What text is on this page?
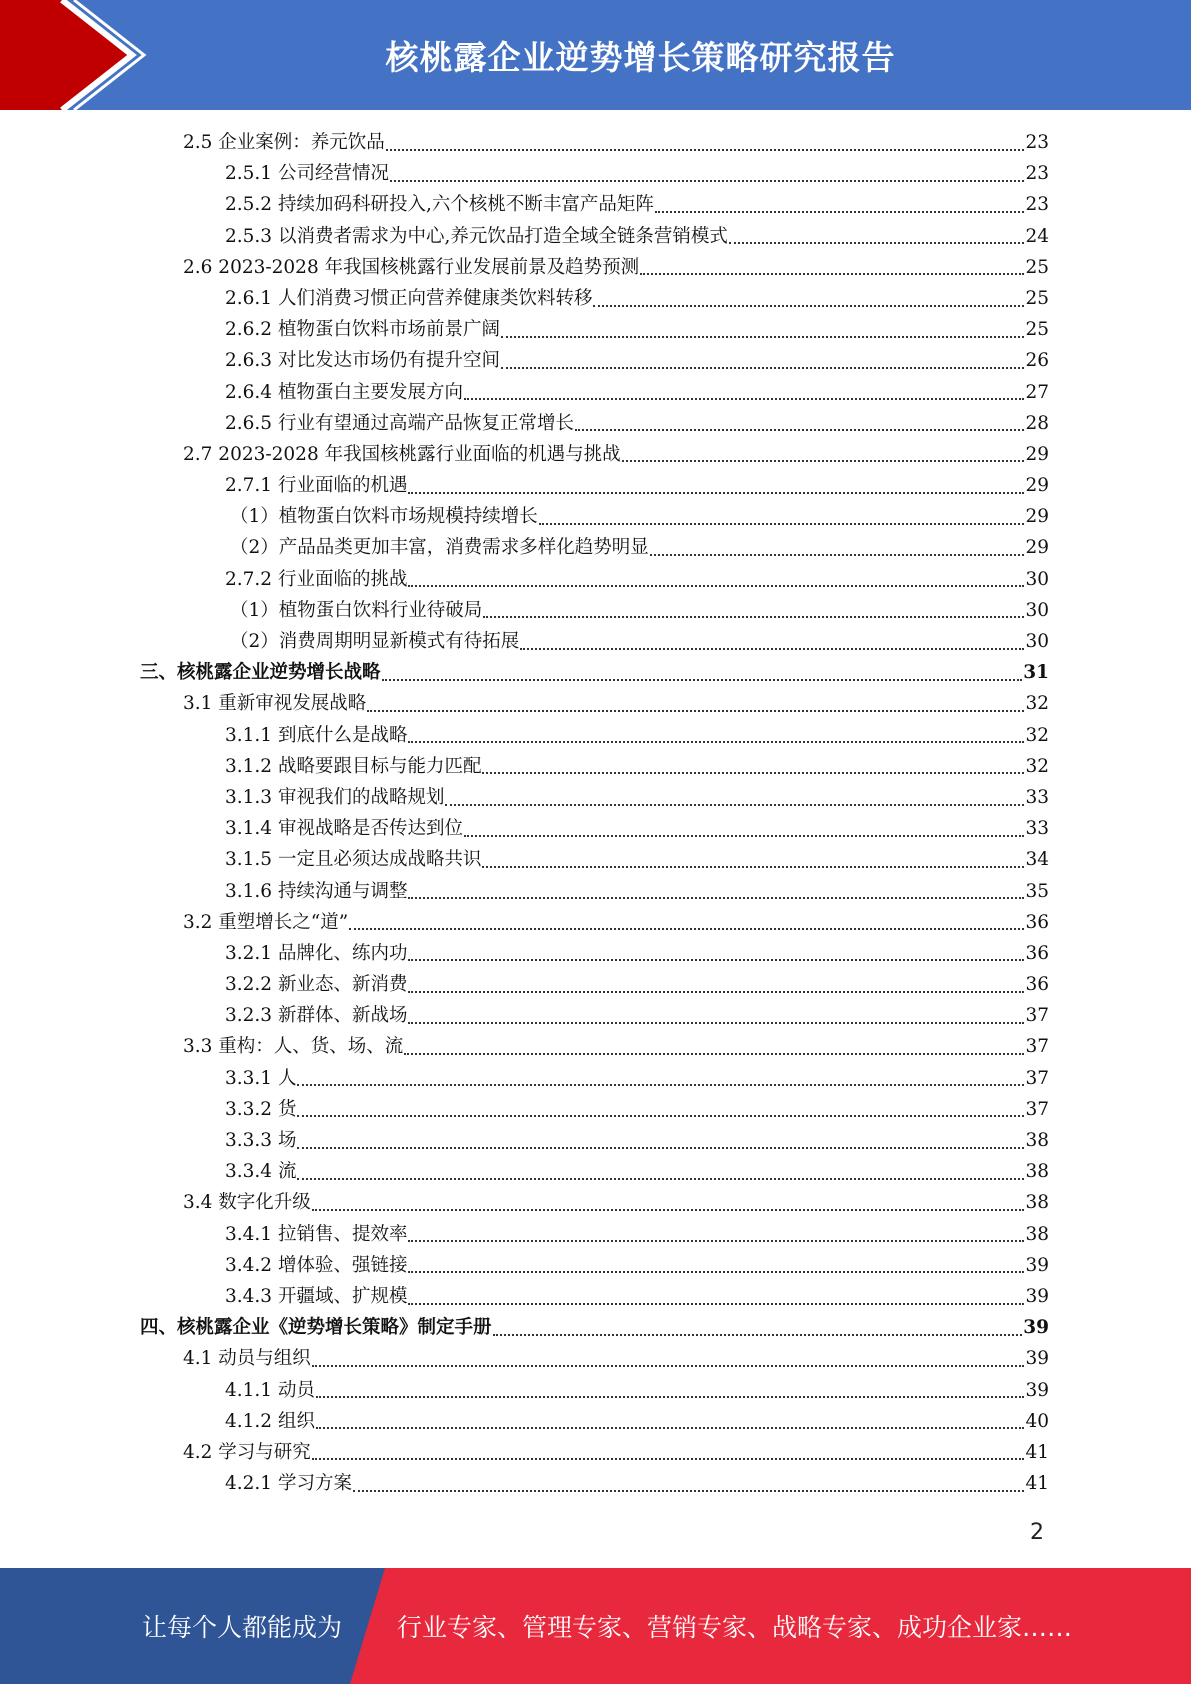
核桃露企业逆势增长策略研究报告
2.5 企业案例：养元饮品	23
2.5.1 公司经营情况	23
2.5.2 持续加码科研投入,六个核桃不断丰富产品矩阵	23
2.5.3 以消费者需求为中心,养元饮品打造全域全链条营销模式	24
2.6 2023-2028 年我国核桃露行业发展前景及趋势预测	25
2.6.1 人们消费习惯正向营养健康类饮料转移	25
2.6.2 植物蛋白饮料市场前景广阔	25
2.6.3 对比发达市场仍有提升空间	26
2.6.4 植物蛋白主要发展方向	27
2.6.5 行业有望通过高端产品恢复正常增长	28
2.7 2023-2028 年我国核桃露行业面临的机遇与挑战	29
2.7.1 行业面临的机遇	29
（1）植物蛋白饮料市场规模持续增长	29
（2）产品品类更加丰富，消费需求多样化趋势明显	29
2.7.2 行业面临的挑战	30
（1）植物蛋白饮料行业待破局	30
（2）消费周期明显新模式有待拓展	30
三、核桃露企业逆势增长战略	31
3.1 重新审视发展战略	32
3.1.1 到底什么是战略	32
3.1.2 战略要跟目标与能力匹配	32
3.1.3 审视我们的战略规划	33
3.1.4 审视战略是否传达到位	33
3.1.5 一定且必须达成战略共识	34
3.1.6 持续沟通与调整	35
3.2 重塑增长之“道”	36
3.2.1 品牌化、练内功	36
3.2.2 新业态、新消费	36
3.2.3 新群体、新战场	37
3.3 重构：人、货、场、流	37
3.3.1 人	37
3.3.2 货	37
3.3.3 场	38
3.3.4 流	38
3.4 数字化升级	38
3.4.1 拉销售、提效率	38
3.4.2 增体验、强链接	39
3.4.3 开疆域、扩规模	39
四、核桃露企业《逆势增长策略》制定手册	39
4.1 动员与组织	39
4.1.1 动员	39
4.1.2 组织	40
4.2 学习与研究	41
4.2.1 学习方案	41
2
让每个人都能成为 行业专家、管理专家、营销专家、战略专家、成功企业家……
